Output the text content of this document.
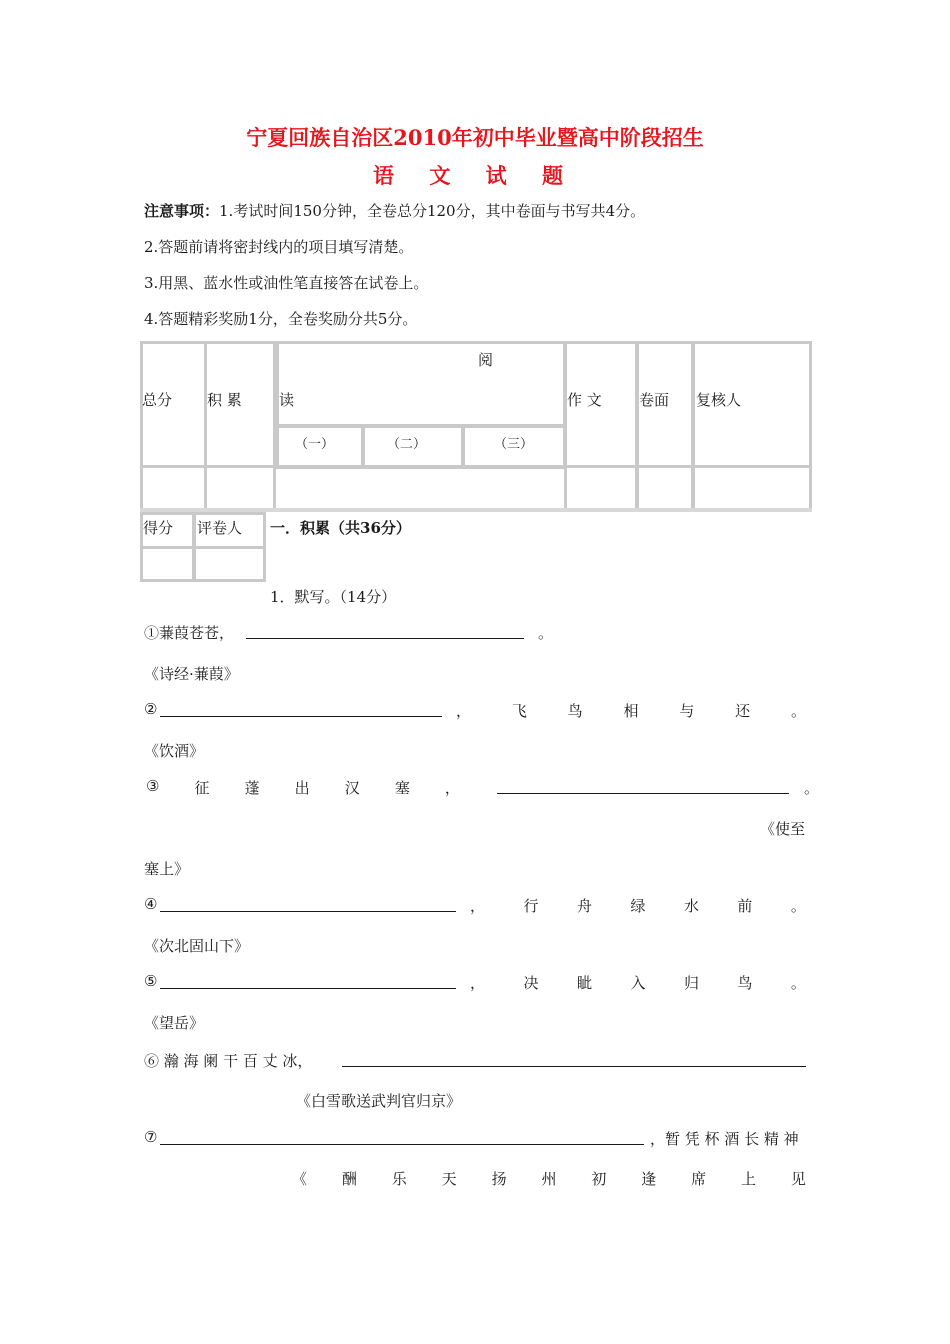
宁夏回族自治区2010年初中毕业暨高中阶段招生
语 文 试 题
注意事项：1.考试时间150分钟，全卷总分120分，其中卷面与书写共4分。
2.答题前请将密封线内的项目填写清楚。
3.用黑、蓝水性或油性笔直接答在试卷上。
4.答题精彩奖励1分，全卷奖励分共5分。
总分 积 累
阅
读
（一）	（二）	（三）
作 文 卷面 复核人
得分 评卷人 一．积累（共36分）
1．默写。（14分）
①蒹葭苍苍，	。
《诗经·蒹葭》
②	，	飞	鸟	相	与	还	。
《饮酒》
③ 征 蓬 出 汉 塞 ，	。
《使至
塞上》
④	，	行	舟	绿	水	前	。
《次北固山下》
⑤	，	决	眦	入	归	鸟	。
《望岳》
⑥ 瀚 海 阑 干 百 丈 冰，
《白雪歌送武判官归京》
⑦	，暂 凭 杯 酒 长 精 神
《 酬 乐 天 扬 州 初 逢 席 上 见
